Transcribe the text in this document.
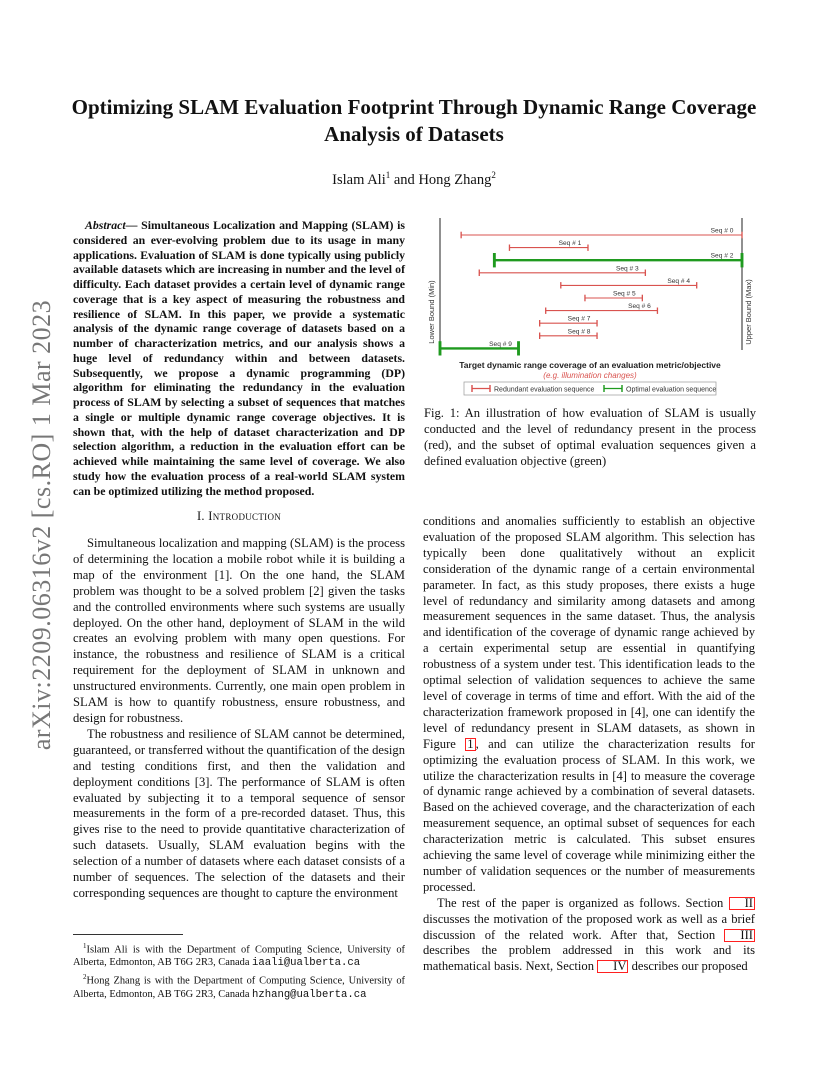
Optimizing SLAM Evaluation Footprint Through Dynamic Range Coverage Analysis of Datasets
Islam Ali$^1$ and Hong Zhang$^2$
arXiv:2209.06316v2 [cs.RO] 1 Mar 2023
Abstract— Simultaneous Localization and Mapping (SLAM) is considered an ever-evolving problem due to its usage in many applications. Evaluation of SLAM is done typically using publicly available datasets which are increasing in number and the level of difficulty. Each dataset provides a certain level of dynamic range coverage that is a key aspect of measuring the robustness and resilience of SLAM. In this paper, we provide a systematic analysis of the dynamic range coverage of datasets based on a number of characterization metrics, and our analysis shows a huge level of redundancy within and between datasets. Subsequently, we propose a dynamic programming (DP) algorithm for eliminating the redundancy in the evaluation process of SLAM by selecting a subset of sequences that matches a single or multiple dynamic range coverage objectives. It is shown that, with the help of dataset characterization and DP selection algorithm, a reduction in the evaluation effort can be achieved while maintaining the same level of coverage. We also study how the evaluation process of a real-world SLAM system can be optimized utilizing the method proposed.
I. Introduction

Simultaneous localization and mapping (SLAM) is the process of determining the location a mobile robot while it is building a map of the environment [1]. On the one hand, the SLAM problem was thought to be a solved problem [2] given the tasks and the controlled environments where such systems are usually deployed. On the other hand, deployment of SLAM in the wild creates an evolving problem with many open questions. For instance, the robustness and resilience of SLAM is a critical requirement for the deployment of SLAM in unknown and unstructured environments. Currently, one main open problem in SLAM is how to quantify robustness, ensure robustness, and design for robustness.

The robustness and resilience of SLAM cannot be determined, guaranteed, or transferred without the quantification of the design and testing conditions first, and then the validation and deployment conditions [3]. The performance of SLAM is often evaluated by subjecting it to a temporal sequence of sensor measurements in the form of a pre-recorded dataset. Thus, this gives rise to the need to provide quantitative characterization of such datasets. Usually, SLAM evaluation begins with the selection of a number of datasets where each dataset consists of a number of sequences. The selection of the datasets and their corresponding sequences are thought to capture the environment

conditions and anomalies sufficiently to establish an objective evaluation of the proposed SLAM algorithm. This selection has typically been done qualitatively without an explicit consideration of the dynamic range of a certain environmental parameter. In fact, as this study proposes, there exists a huge level of redundancy and similarity among datasets and among measurement sequences in the same dataset. Thus, the analysis and identification of the coverage of dynamic range achieved by a certain experimental setup are essential in quantifying robustness of a system under test. This identification leads to the optimal selection of validation sequences to achieve the same level of coverage in terms of time and effort. With the aid of the characterization framework proposed in [4], one can identify the level of redundancy present in SLAM datasets, as shown in Figure 1 , and can utilize the characterization results for optimizing the evaluation process of SLAM. In this work, we utilize the characterization results in [4] to measure the coverage of dynamic range achieved by a combination of several datasets. Based on the achieved coverage, and the characterization of each measurement sequence, an optimal subset of sequences for each characterization metric is calculated. This subset ensures achieving the same level of coverage while minimizing either the number of validation sequences or the number of measurements processed.

The rest of the paper is organized as follows. Section II discusses the motivation of the proposed work as well as a brief discussion of the related work. After that, Section III describes the problem addressed in this work and its mathematical basis. Next, Section IV describes our proposed

$^1$Islam Ali is with the Department of Computing Science, University of Alberta, Edmonton, AB T6G 2R3, Canada iaali@ualberta.ca

$^2$Hong Zhang is with the Department of Computing Science, University of Alberta, Edmonton, AB T6G 2R3, Canada hzhang@ualberta.ca

Lower Bound (Min)	Upper Bound (Max)
Seq # 0
Seq # 1
Seq # 2
Seq # 3
Seq # 4
Seq # 5
Seq # 6
Seq # 7
Seq # 8
Seq # 9
Target dynamic range coverage of an evaluation metric/objective
(e.g. illumination changes)
Redundant evaluation sequence	Optimal evaluation sequence
Fig. 1: An illustration of how evaluation of SLAM is usually conducted and the level of redundancy present in the process (red), and the subset of optimal evaluation sequences given a defined evaluation objective (green)
